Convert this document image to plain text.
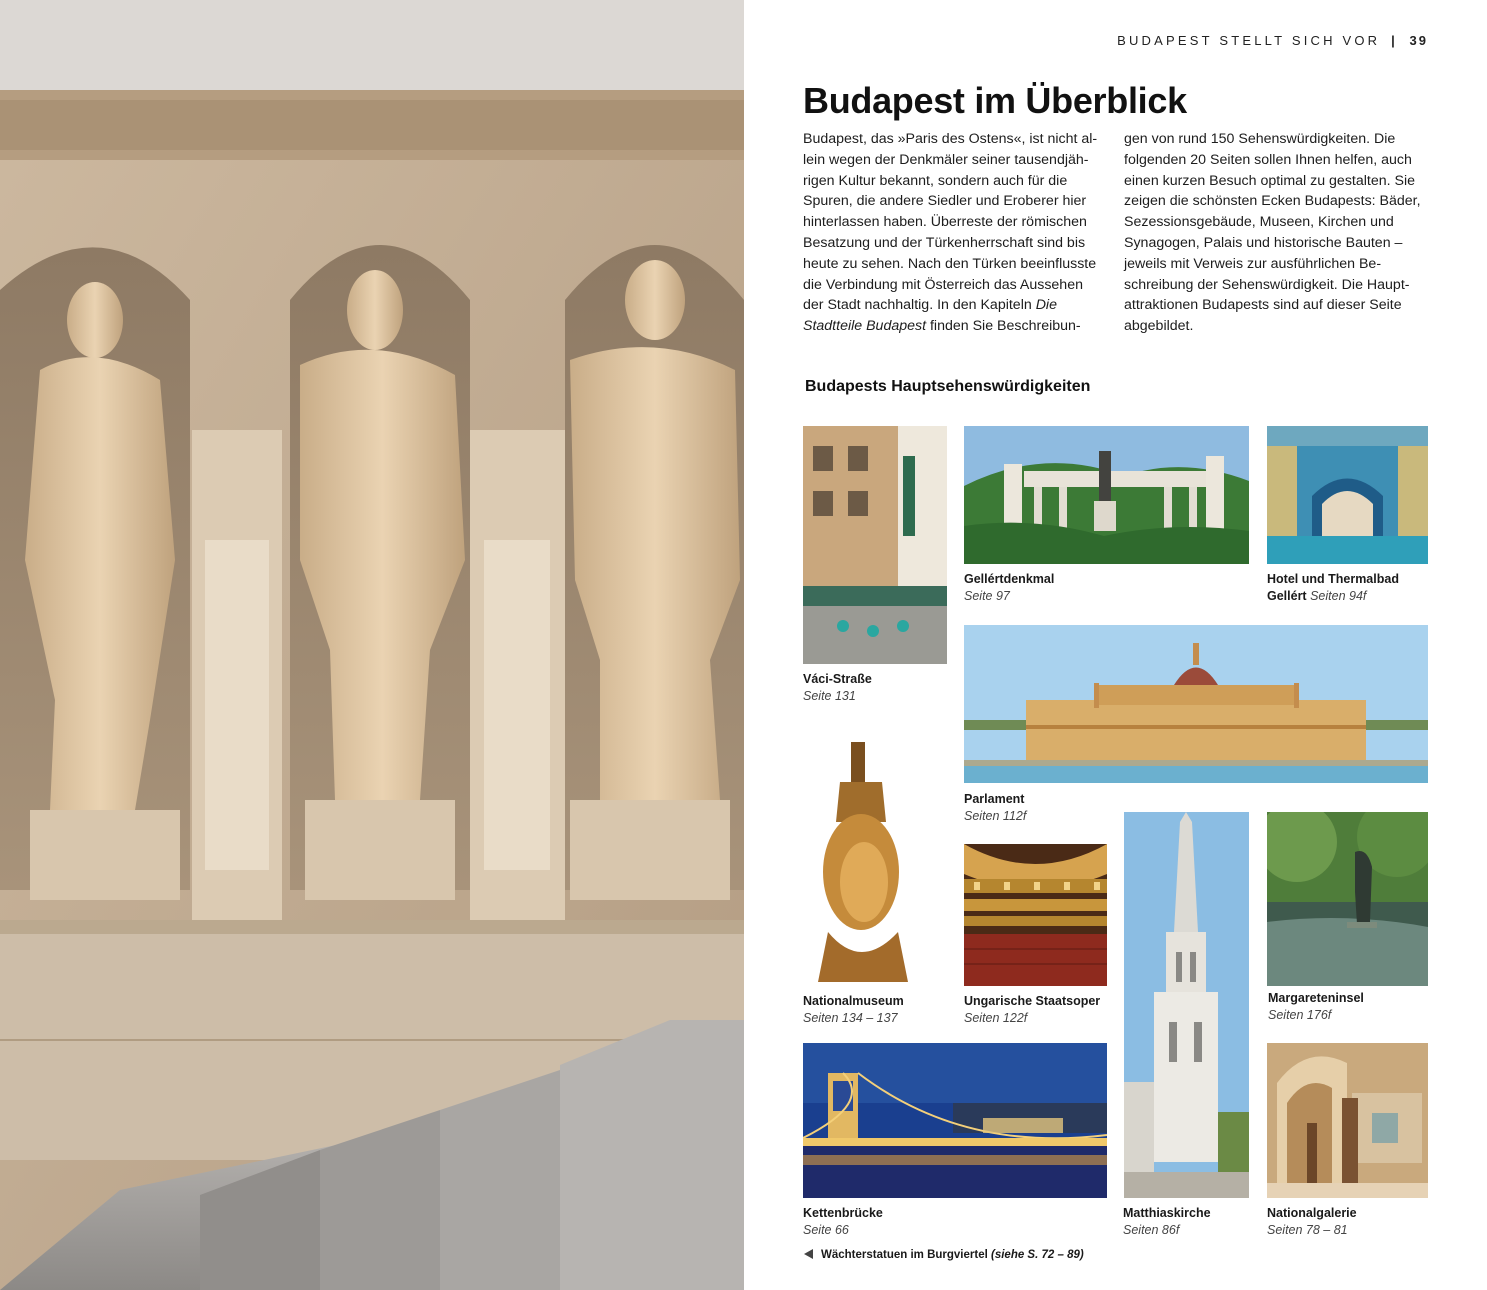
BUDAPEST STELLT SICH VOR | 39
Budapest im Überblick
Budapest, das »Paris des Ostens«, ist nicht al-
lein wegen der Denkmäler seiner tausendjäh-
rigen Kultur bekannt, sondern auch für die
Spuren, die andere Siedler und Eroberer hier
hinterlassen haben. Überreste der römischen
Besatzung und der Türkenherrschaft sind bis
heute zu sehen. Nach den Türken beeinflusste
die Verbindung mit Österreich das Aussehen
der Stadt nachhaltig. In den Kapiteln Die
Stadtteile Budapest finden Sie Beschreibun-
gen von rund 150 Sehenswürdigkeiten. Die
folgenden 20 Seiten sollen Ihnen helfen, auch
einen kurzen Besuch optimal zu gestalten. Sie
zeigen die schönsten Ecken Budapests: Bäder,
Sezessionsgebäude, Museen, Kirchen und
Synagogen, Palais und historische Bauten –
jeweils mit Verweis zur ausführlichen Be-
schreibung der Sehenswürdigkeit. Die Haupt-
attraktionen Budapests sind auf dieser Seite
abgebildet.
Budapests Hauptsehenswürdigkeiten
Váci-Straße
Seite 131
Gellértdenkmal
Seite 97
Hotel und Thermalbad
Gellért Seiten 94f
Parlament
Seiten 112f
Nationalmuseum
Seiten 134 – 137
Ungarische Staatsoper
Seiten 122f
Matthiaskirche
Seiten 86f
Margareteninsel
Seiten 176f
Kettenbrücke
Seite 66
Nationalgalerie
Seiten 78 – 81
Wächterstatuen im Burgviertel (siehe S. 72 – 89)
